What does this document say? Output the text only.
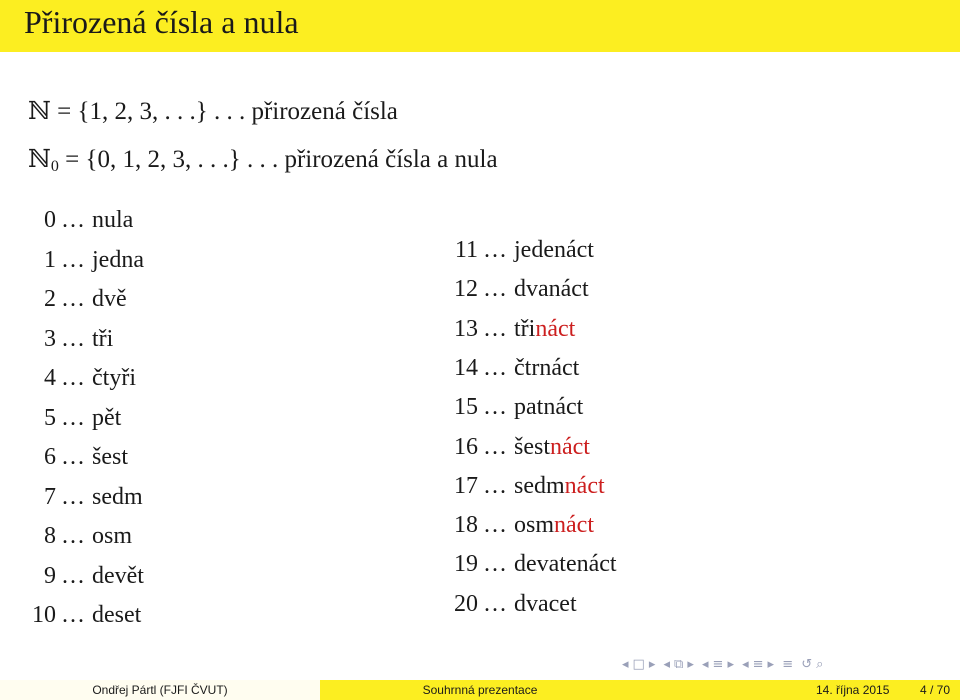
Přirozená čísla a nula
ℕ = {1, 2, 3, . . .} . . . přirozená čísla
ℕ$_0$ = {0, 1, 2, 3, . . .} . . . přirozená čísla a nula
0 ... nula
1 ... jedna
2 ... dvě
3 ... tři
4 ... čtyři
5 ... pět
6 ... šest
7 ... sedm
8 ... osm
9 ... devět
10 ... deset
11 ... jedenáct
12 ... dvanáct
13 ... třináct
14 ... čtrnáct
15 ... patnáct
16 ... šestnáct
17 ... sedmnáct
18 ... osmnáct
19 ... devatenáct
20 ... dvacet
◂ □ ▸ ◂ ⧉ ▸ ◂ ≡ ▸ ◂ ≡ ▸ ≡ ↺ ⌕
Ondřej Pártl (FJFI ČVUT)	Souhrnná prezentace	14. října 2015	4 / 70
